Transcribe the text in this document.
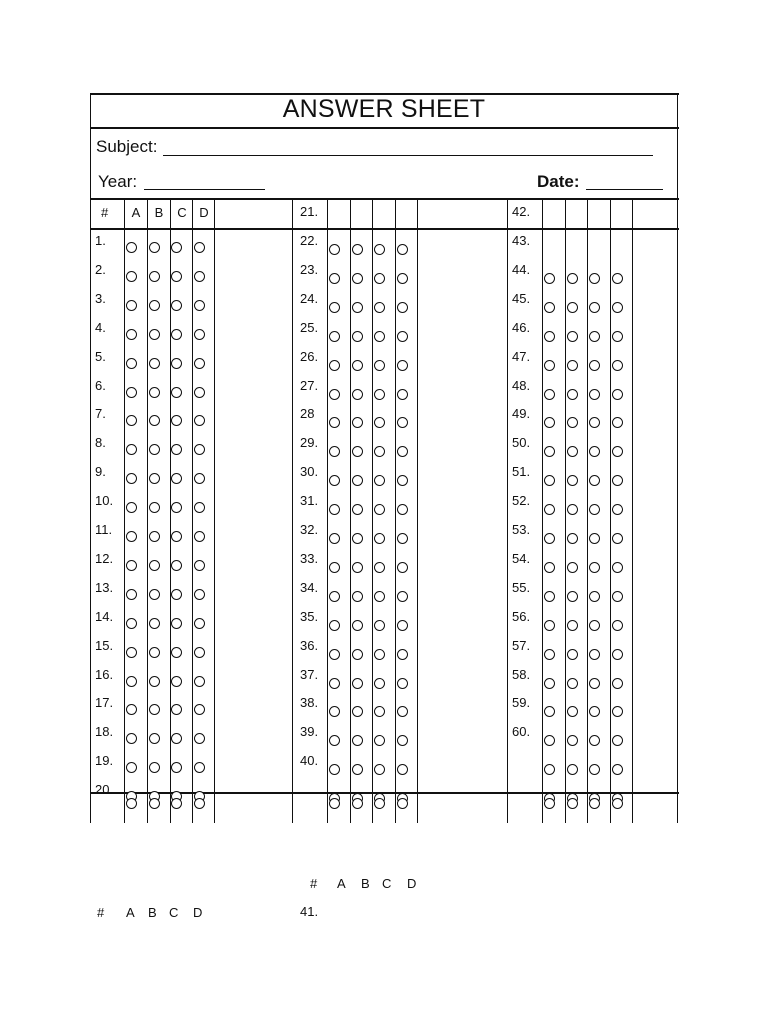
ANSWER SHEET
Subject:
Year:	Date:
# A B C D
1.
2.
3.
4.
5.
6.
7.
8.
9.
10.
11.
12.
13.
14.
15.
16.
17.
18.
19.
20.
21.
22.
23.
24.
25.
26.
27.
28
29.
30.
31.
32.
33.
34.
35.
36.
37.
38.
39.
40.
42.
43.
44.
45.
46.
47.
48.
49.
50.
51.
52.
53.
54.
55.
56.
57.
58.
59.
60.
# A B C D
41.
# A B C D
